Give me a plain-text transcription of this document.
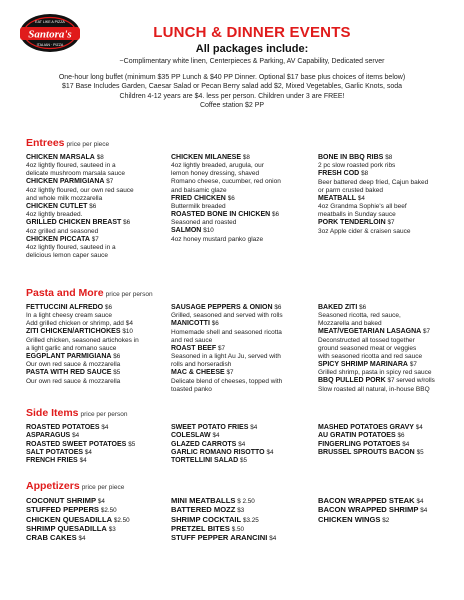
Santora's
EAT LIKE A PIZZA
ITALIAN · PIZZA
LUNCH & DINNER EVENTS
All packages include:
~Complimentary white linen, Centerpieces & Parking, AV Capability, Dedicated server
One-hour long buffet (minimum $35 PP Lunch & $40 PP Dinner. Optional $17 base plus choices of items below)
$17 Base Includes Garden, Caesar Salad or Pecan Berry salad add $2, Mixed Vegetables, Garlic Knots, soda
Children 4-12 years are $4. less per person. Children under 3 are FREE!
Coffee station $2 PP
Entrees price per piece
CHICKEN MARSALA $8
4oz lightly floured, sauteed in a
delicate mushroom marsala sauce
CHICKEN PARMIGIANA $7
4oz lightly floured, our own red sauce
and whole milk mozzarella
CHICKEN CUTLET $6
4oz lightly breaded.
GRILLED CHICKEN BREAST $6
4oz grilled and seasoned
CHICKEN PICCATA $7
4oz lightly floured, sauteed in a
delicious lemon caper sauce
CHICKEN MILANESE $8
4oz lightly breaded, arugula, our
lemon honey dressing, shaved
Romano cheese, cucumber, red onion
and balsamic glaze
FRIED CHICKEN $6
Buttermilk breaded
ROASTED BONE IN CHICKEN $6
Seasoned and roasted
SALMON $10
4oz honey mustard panko glaze
BONE IN BBQ RIBS $8
2 pc slow roasted pork ribs
FRESH COD $8
Beer battered deep fried, Cajun baked
or parm crusted baked
MEATBALL $4
4oz Grandma Sophie's all beef
meatballs in Sunday sauce
PORK TENDERLOIN $7
3oz Apple cider & craisen sauce
Pasta and More price per person
FETTUCCINI ALFREDO $6
In a light cheesy cream sauce
Add grilled chicken or shrimp, add $4
ZITI CHICKEN/ARTICHOKES $10
Grilled chicken, seasoned artichokes in
a light garlic and romano sauce
EGGPLANT PARMIGIANA $6
Our own red sauce & mozzarella
PASTA WITH RED SAUCE $5
Our own red sauce & mozzarella
SAUSAGE PEPPERS & ONION $6
Grilled, seasoned and served with rolls
MANICOTTI $6
Homemade shell and seasoned ricotta
and red sauce
ROAST BEEF $7
Seasoned in a light Au Ju, served with
rolls and horseradish
MAC & CHEESE $7
Delicate blend of cheeses, topped with
toasted panko
BAKED ZITI $6
Seasoned ricotta, red sauce,
Mozzarella and baked
MEAT/VEGETARIAN LASAGNA $7
Deconstructed all tossed together
ground seasoned meat or veggies
with seasoned ricotta and red sauce
SPICY SHRIMP MARINARA $7
Grilled shrimp, pasta in spicy red sauce
BBQ PULLED PORK $7 served w/rolls
Slow roasted all natural, in-house BBQ
Side Items price per person
ROASTED POTATOES $4
ASPARAGUS $4
ROASTED SWEET POTATOES $5
SALT POTATOES $4
FRENCH FRIES $4
SWEET POTATO FRIES $4
COLESLAW $4
GLAZED CARROTS $4
GARLIC ROMANO RISOTTO $4
TORTELLINI SALAD $5
MASHED POTATOES GRAVY $4
AU GRATIN POTATOES $6
FINGERLING POTATOES $4
BRUSSEL SPROUTS BACON $5
Appetizers price per piece
COCONUT SHRIMP $4
STUFFED PEPPERS $2.50
CHICKEN QUESADILLA $2.50
SHRIMP QUESADILLA $3
CRAB CAKES $4
MINI MEATBALLS $ 2.50
BATTERED MOZZ $3
SHRIMP COCKTAIL $3.25
PRETZEL BITES $.50
STUFF PEPPER ARANCINI $4
BACON WRAPPED STEAK $4
BACON WRAPPED SHRIMP $4
CHICKEN WINGS $2
